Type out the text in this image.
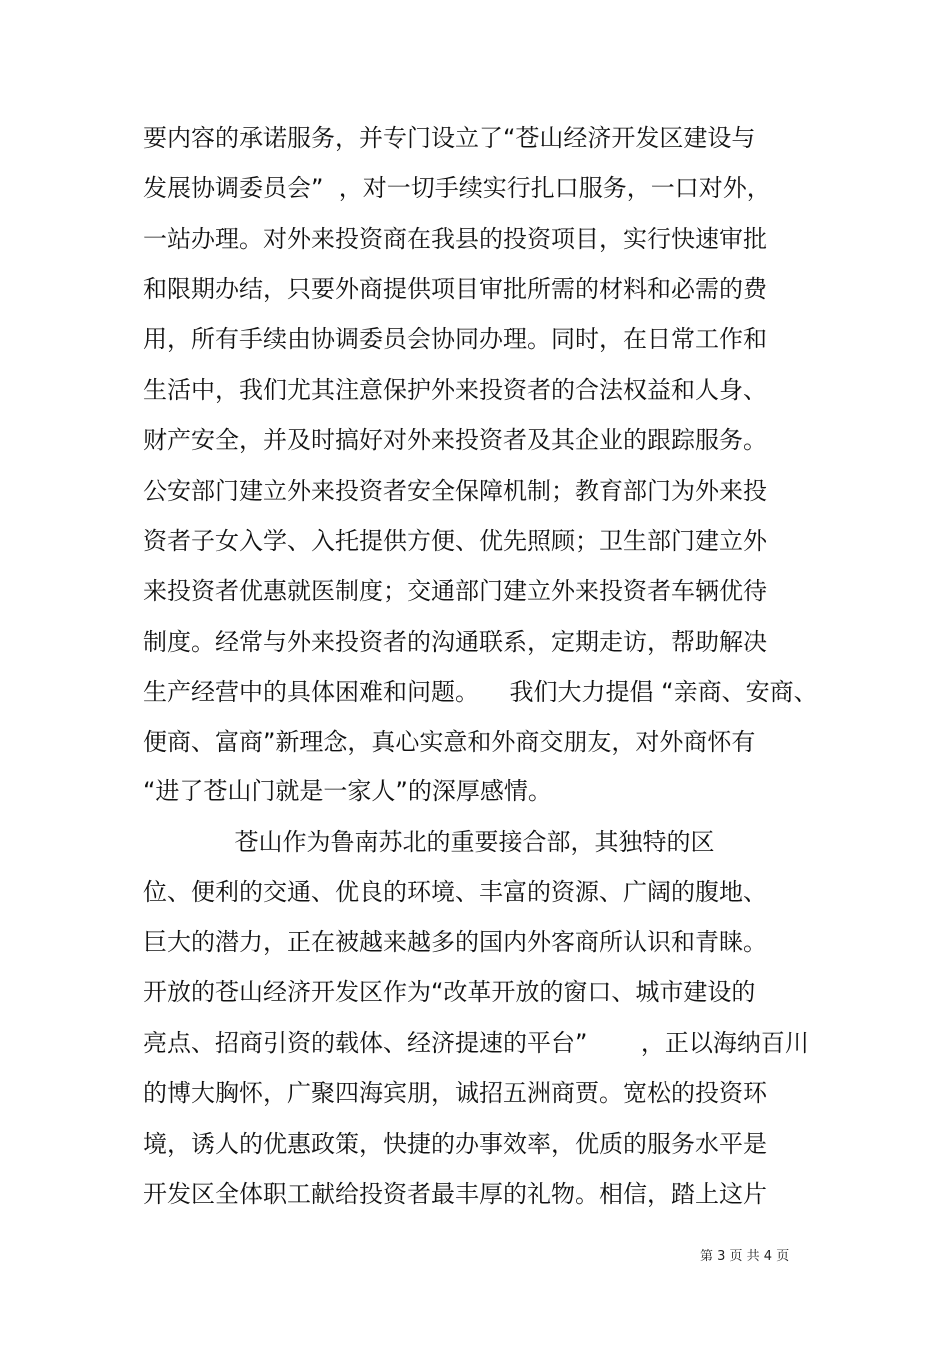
要内容的承诺服务，并专门设立了“苍山经济开发区建设与
发展协调委员会”  ，对一切手续实行扎口服务，一口对外，
一站办理。对外来投资商在我县的投资项目，实行快速审批
和限期办结，只要外商提供项目审批所需的材料和必需的费
用，所有手续由协调委员会协同办理。同时，在日常工作和
生活中，我们尤其注意保护外来投资者的合法权益和人身、
财产安全，并及时搞好对外来投资者及其企业的跟踪服务。
公安部门建立外来投资者安全保障机制；教育部门为外来投
资者子女入学、入托提供方便、优先照顾；卫生部门建立外
来投资者优惠就医制度；交通部门建立外来投资者车辆优待
制度。经常与外来投资者的沟通联系，定期走访，帮助解决
生产经营中的具体困难和问题。    我们大力提倡 “亲商、安商、
便商、富商”新理念，真心实意和外商交朋友，对外商怀有
“进了苍山门就是一家人”的深厚感情。
苍山作为鲁南苏北的重要接合部，其独特的区
位、便利的交通、优良的环境、丰富的资源、广阔的腹地、
巨大的潜力，正在被越来越多的国内外客商所认识和青睐。
开放的苍山经济开发区作为“改革开放的窗口、城市建设的
亮点、招商引资的载体、经济提速的平台”       ，正以海纳百川
的博大胸怀，广聚四海宾朋，诚招五洲商贾。宽松的投资环
境，诱人的优惠政策，快捷的办事效率，优质的服务水平是
开发区全体职工献给投资者最丰厚的礼物。相信，踏上这片
第 3 页 共 4 页
